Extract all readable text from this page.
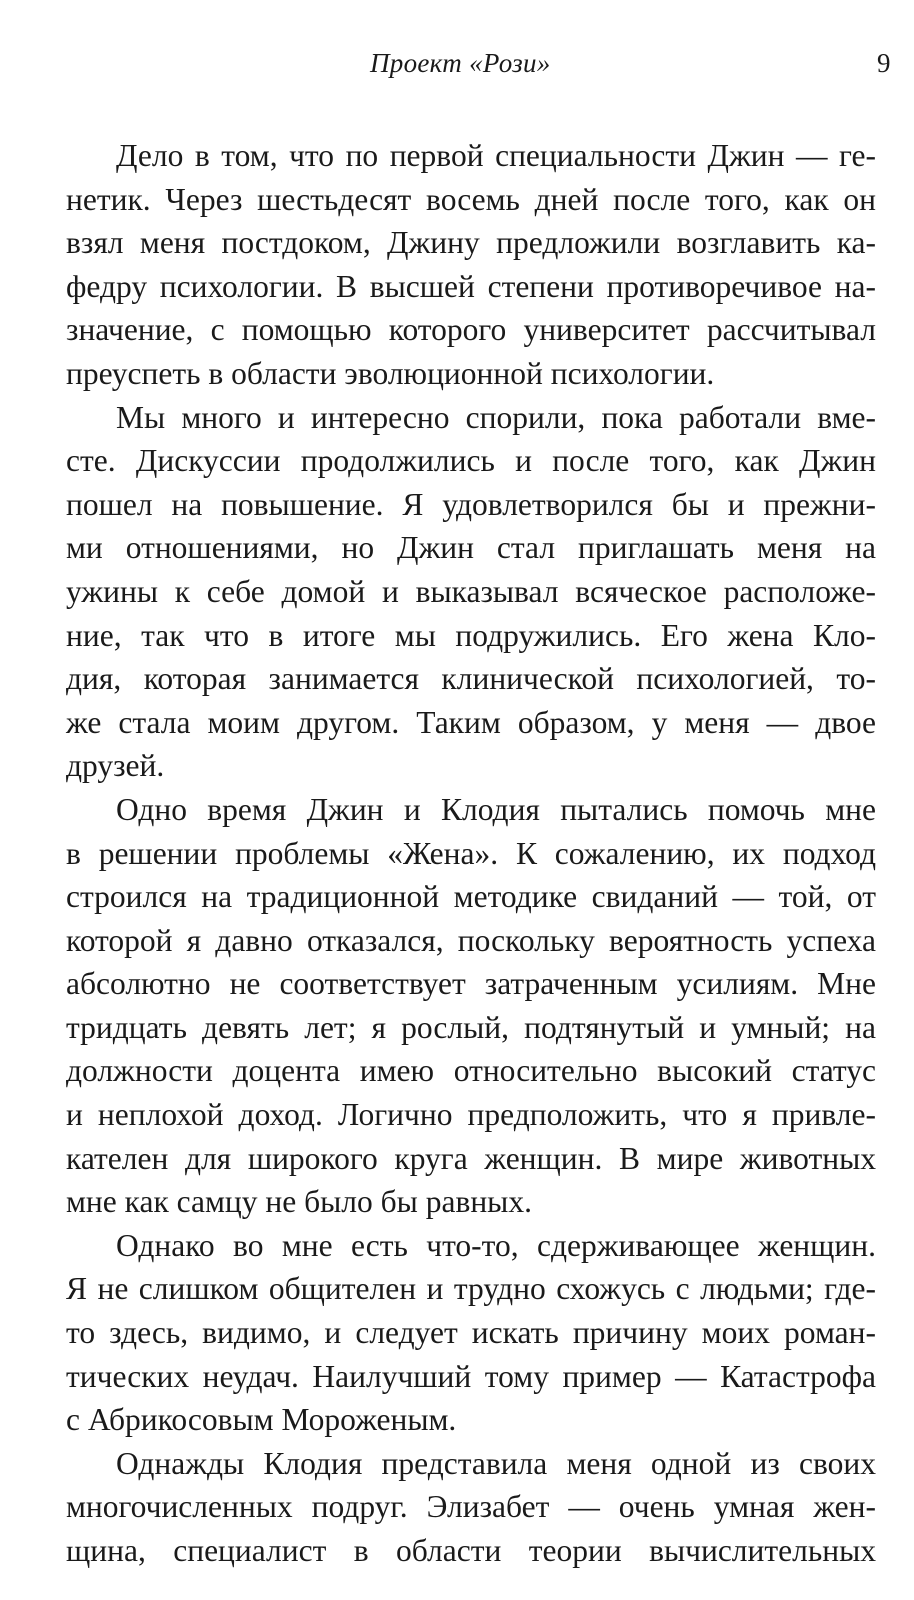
Проект «Рози»	9

Дело в том, что по первой специальности Джин — ге-
нетик. Через шестьдесят восемь дней после того, как он
взял меня постдоком, Джину предложили возглавить ка-
федру психологии. В высшей степени противоречивое на-
значение, с помощью которого университет рассчитывал
преуспеть в области эволюционной психологии.

Мы много и интересно спорили, пока работали вме-
сте. Дискуссии продолжились и после того, как Джин
пошел на повышение. Я удовлетворился бы и прежни-
ми отношениями, но Джин стал приглашать меня на
ужины к себе домой и выказывал всяческое расположе-
ние, так что в итоге мы подружились. Его жена Кло-
дия, которая занимается клинической психологией, то-
же стала моим другом. Таким образом, у меня — двое
друзей.

Одно время Джин и Клодия пытались помочь мне
в решении проблемы «Жена». К сожалению, их подход
строился на традиционной методике свиданий — той, от
которой я давно отказался, поскольку вероятность успеха
абсолютно не соответствует затраченным усилиям. Мне
тридцать девять лет; я рослый, подтянутый и умный; на
должности доцента имею относительно высокий статус
и неплохой доход. Логично предположить, что я привле-
кателен для широкого круга женщин. В мире животных
мне как самцу не было бы равных.

Однако во мне есть что-то, сдерживающее женщин.
Я не слишком общителен и трудно схожусь с людьми; где-
то здесь, видимо, и следует искать причину моих роман-
тических неудач. Наилучший тому пример — Катастрофа
с Абрикосовым Мороженым.

Однажды Клодия представила меня одной из своих
многочисленных подруг. Элизабет — очень умная жен-
щина, специалист в области теории вычислительных
